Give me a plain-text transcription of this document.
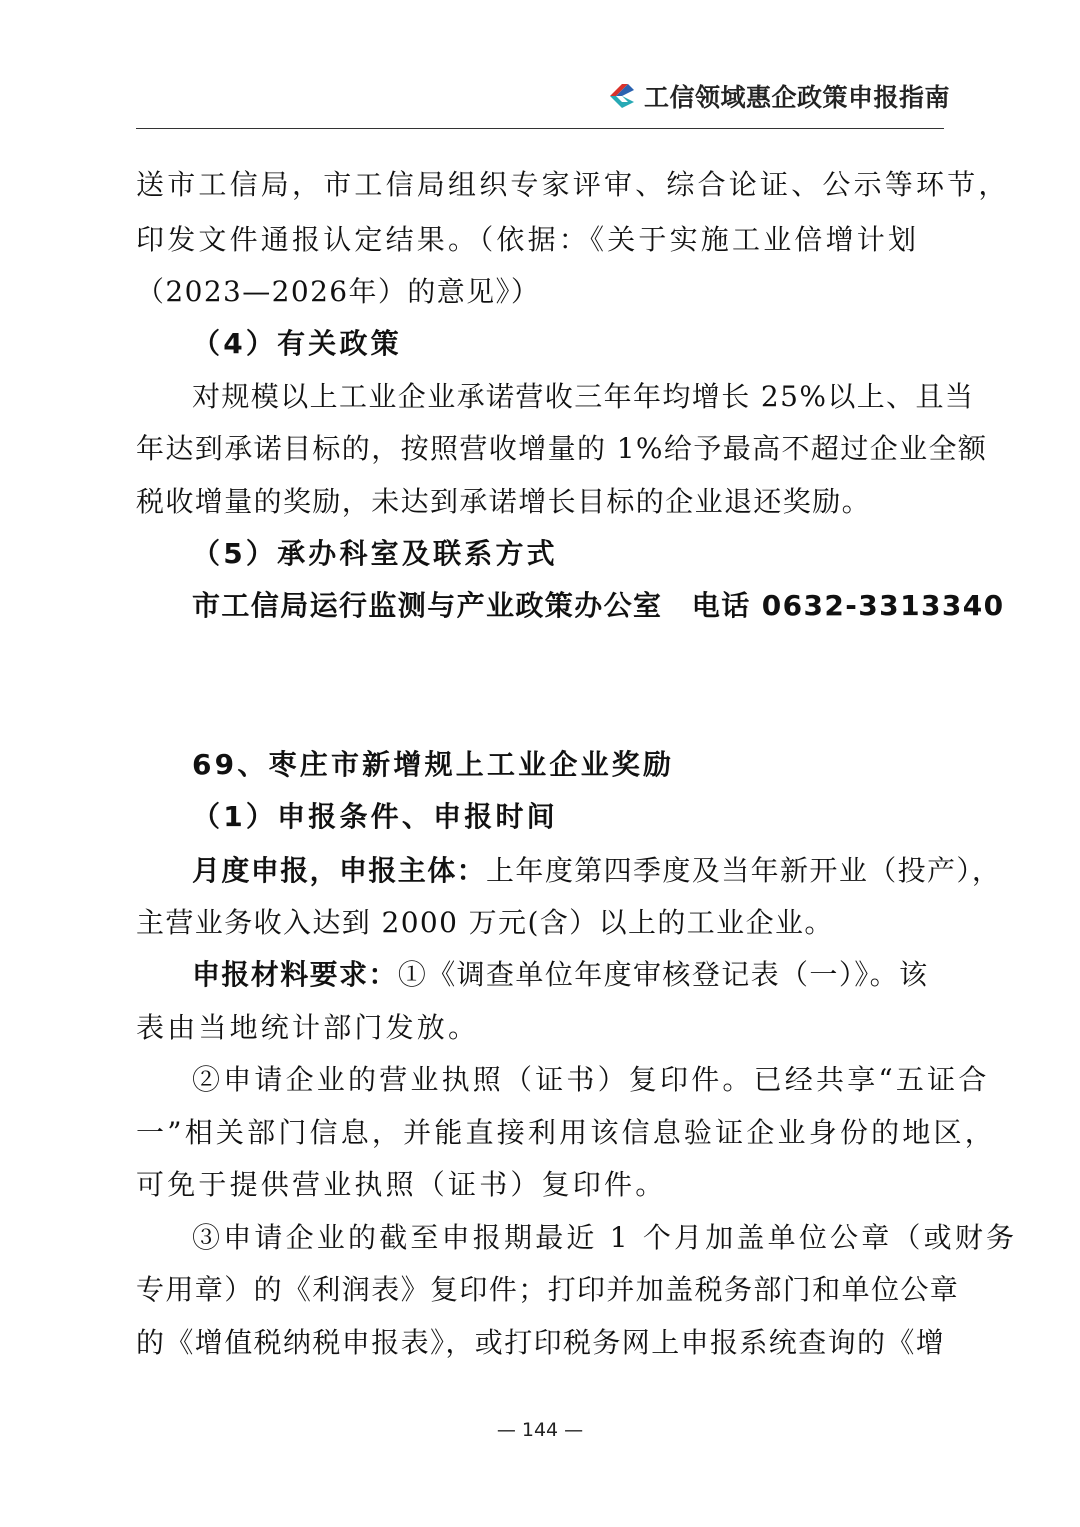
工信领域惠企政策申报指南
送市工信局，市工信局组织专家评审、综合论证、公示等环节，
印发文件通报认定结果。（依据：《关于实施工业倍增计划
（2023—2026年）的意见》）
（4）有关政策
对规模以上工业企业承诺营收三年年均增长 25%以上、且当
年达到承诺目标的，按照营收增量的 1%给予最高不超过企业全额
税收增量的奖励，未达到承诺增长目标的企业退还奖励。
（5）承办科室及联系方式
市工信局运行监测与产业政策办公室　电话 0632-3313340
69、枣庄市新增规上工业企业奖励
（1）申报条件、申报时间
月度申报，申报主体：上年度第四季度及当年新开业（投产），
主营业务收入达到 2000 万元(含）以上的工业企业。
申报材料要求：①《调查单位年度审核登记表（一）》。该
表由当地统计部门发放。
②申请企业的营业执照（证书）复印件。已经共享“五证合
一”相关部门信息，并能直接利用该信息验证企业身份的地区，
可免于提供营业执照（证书）复印件。
③申请企业的截至申报期最近 1 个月加盖单位公章（或财务
专用章）的《利润表》复印件；打印并加盖税务部门和单位公章
的《增值税纳税申报表》，或打印税务网上申报系统查询的《增
— 144 —
